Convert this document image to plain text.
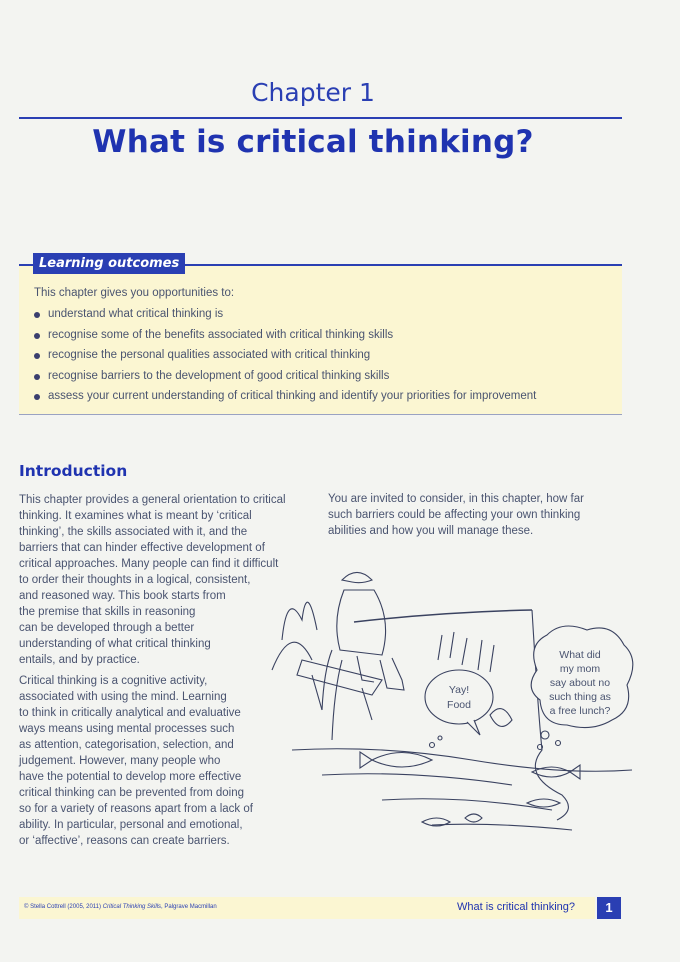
Chapter 1
What is critical thinking?
Learning outcomes
This chapter gives you opportunities to:
understand what critical thinking is
recognise some of the benefits associated with critical thinking skills
recognise the personal qualities associated with critical thinking
recognise barriers to the development of good critical thinking skills
assess your current understanding of critical thinking and identify your priorities for improvement
Introduction
This chapter provides a general orientation to critical
thinking. It examines what is meant by ‘critical
thinking’, the skills associated with it, and the
barriers that can hinder effective development of
critical approaches. Many people can find it difficult
to order their thoughts in a logical, consistent,
and reasoned way. This book starts from
the premise that skills in reasoning
can be developed through a better
understanding of what critical thinking
entails, and by practice.
Critical thinking is a cognitive activity,
associated with using the mind. Learning
to think in critically analytical and evaluative
ways means using mental processes such
as attention, categorisation, selection, and
judgement. However, many people who
have the potential to develop more effective
critical thinking can be prevented from doing
so for a variety of reasons apart from a lack of
ability. In particular, personal and emotional,
or ‘affective’, reasons can create barriers.
You are invited to consider, in this chapter, how far
such barriers could be affecting your own thinking
abilities and how you will manage these.
Yay!
Food
What did
my mom
say about no
such thing as
a free lunch?
© Stella Cottrell (2005, 2011) Critical Thinking Skills, Palgrave Macmillan	What is critical thinking?	1
